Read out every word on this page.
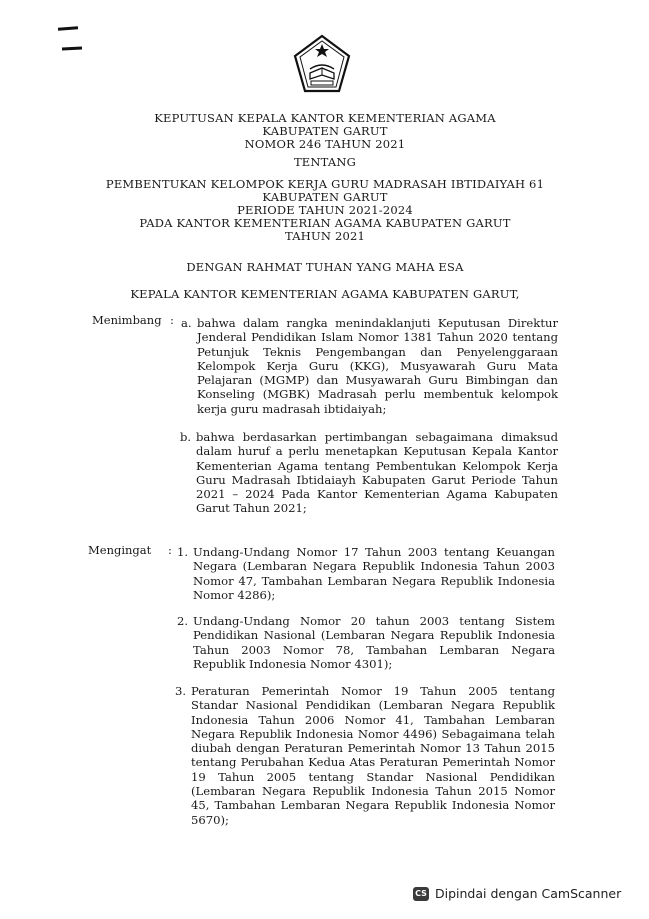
KEPUTUSAN KEPALA KANTOR KEMENTERIAN AGAMA
KABUPATEN GARUT
NOMOR 246 TAHUN 2021
TENTANG
PEMBENTUKAN KELOMPOK KERJA GURU MADRASAH IBTIDAIYAH 61
KABUPATEN GARUT
PERIODE TAHUN 2021-2024
PADA KANTOR KEMENTERIAN AGAMA KABUPATEN GARUT
TAHUN 2021
DENGAN RAHMAT TUHAN YANG MAHA ESA
KEPALA KANTOR KEMENTERIAN AGAMA KABUPATEN GARUT,
Menimbang : a. bahwa dalam rangka menindaklanjuti Keputusan Direktur Jenderal Pendidikan Islam Nomor 1381 Tahun 2020 tentang Petunjuk Teknis Pengembangan dan Penyelenggaraan Kelompok Kerja Guru (KKG), Musyawarah Guru Mata Pelajaran (MGMP) dan Musyawarah Guru Bimbingan dan Konseling (MGBK) Madrasah perlu membentuk kelompok kerja guru madrasah ibtidaiyah;

b. bahwa berdasarkan pertimbangan sebagaimana dimaksud dalam huruf a perlu menetapkan Keputusan Kepala Kantor Kementerian Agama tentang Pembentukan Kelompok Kerja Guru Madrasah Ibtidaiayh Kabupaten Garut Periode Tahun 2021 – 2024 Pada Kantor Kementerian Agama Kabupaten Garut Tahun 2021;

Mengingat : 1. Undang-Undang Nomor 17 Tahun 2003 tentang Keuangan Negara (Lembaran Negara Republik Indonesia Tahun 2003 Nomor 47, Tambahan Lembaran Negara Republik Indonesia Nomor 4286);

2. Undang-Undang Nomor 20 tahun 2003 tentang Sistem Pendidikan Nasional (Lembaran Negara Republik Indonesia Tahun 2003 Nomor 78, Tambahan Lembaran Negara Republik Indonesia Nomor 4301);

3. Peraturan Pemerintah Nomor 19 Tahun 2005 tentang Standar Nasional Pendidikan (Lembaran Negara Republik Indonesia Tahun 2006 Nomor 41, Tambahan Lembaran Negara Republik Indonesia Nomor 4496) Sebagaimana telah diubah dengan Peraturan Pemerintah Nomor 13 Tahun 2015 tentang Perubahan Kedua Atas Peraturan Pemerintah Nomor 19 Tahun 2005 tentang Standar Nasional Pendidikan (Lembaran Negara Republik Indonesia Tahun 2015 Nomor 45, Tambahan Lembaran Negara Republik Indonesia Nomor 5670);

CS Dipindai dengan CamScanner
